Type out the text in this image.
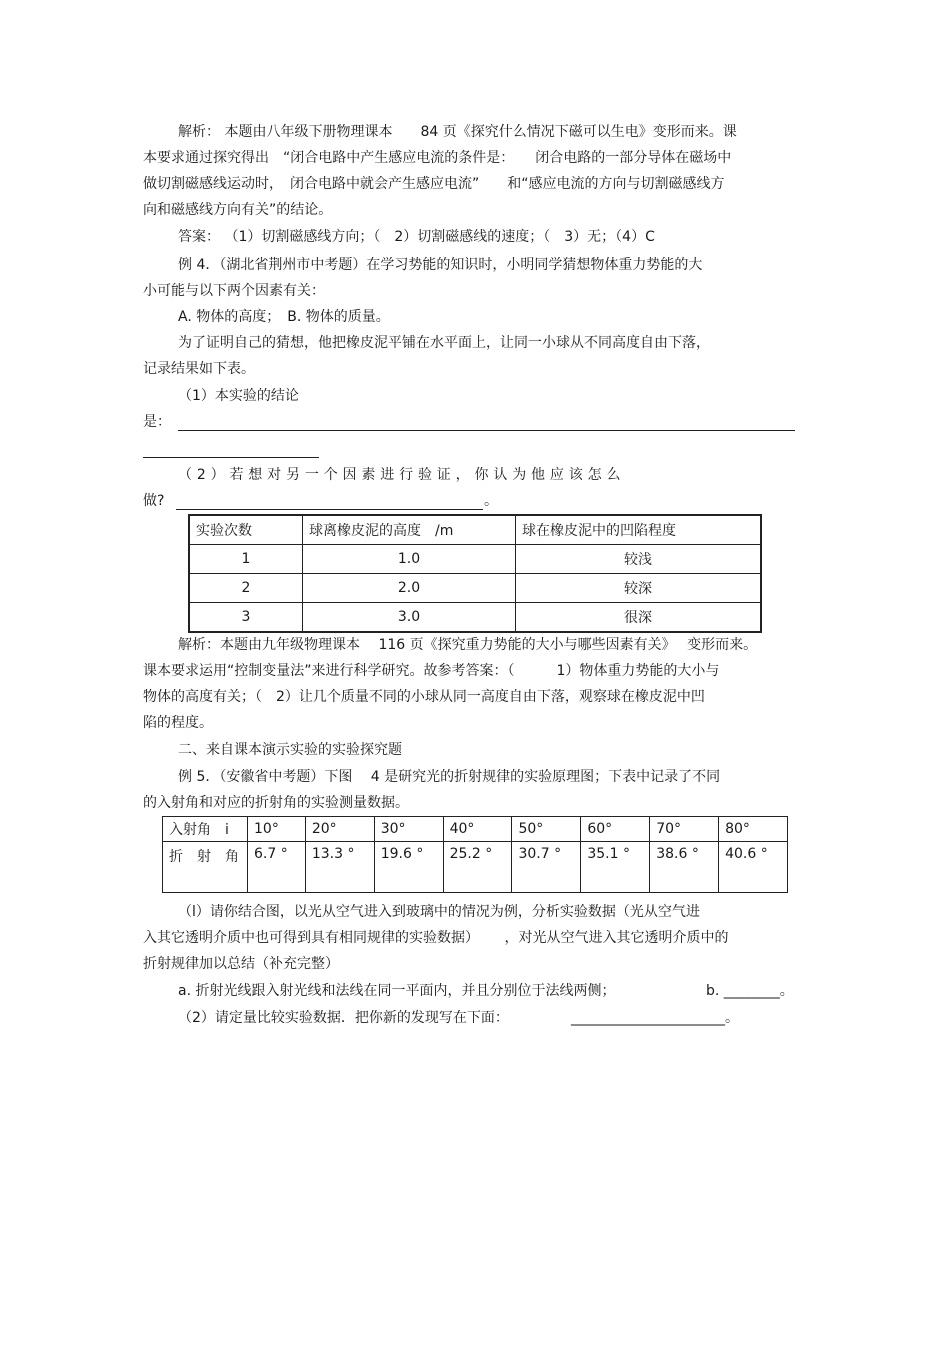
解析： 本题由八年级下册物理课本　　84 页《探究什么情况下磁可以生电》变形而来。课
本要求通过探究得出　“闭合电路中产生感应电流的条件是：　　闭合电路的一部分导体在磁场中
做切割磁感线运动时，　闭合电路中就会产生感应电流”　　和“感应电流的方向与切割磁感线方
向和磁感线方向有关”的结论。
答案： （1）切割磁感线方向；（　2）切割磁感线的速度；（　3）无；（4）C
例 4．（湖北省荆州市中考题）在学习势能的知识时，小明同学猜想物体重力势能的大
小可能与以下两个因素有关：
A. 物体的高度；　B. 物体的质量。
为了证明自己的猜想，他把橡皮泥平铺在水平面上，让同一小球从不同高度自由下落，
记录结果如下表。
（1）本实验的结论
是：
（ 2 ） 若 想 对 另 一 个 因 素 进 行 验 证 ， 你 认 为 他 应 该 怎 么
做?	。
实验次数	球离橡皮泥的高度　/m	球在橡皮泥中的凹陷程度
1	1.0	较浅
2	2.0	较深
3	3.0	很深
解析：本题由九年级物理课本　 116 页《探究重力势能的大小与哪些因素有关》　 变形而来。
课本要求运用“控制变量法”来进行科学研究。故参考答案：（　　　1）物体重力势能的大小与
物体的高度有关；（　2）让几个质量不同的小球从同一高度自由下落，观察球在橡皮泥中凹
陷的程度。
二、来自课本演示实验的实验探究题
例 5．（安徽省中考题）下图　 4 是研究光的折射规律的实验原理图；下表中记录了不同
的入射角和对应的折射角的实验测量数据。
入射角　i	10°	20°	30°	40°	50°	60°	70°	80°
折　射　角	6.7 °	13.3 °	19.6 °	25.2 °	30.7 °	35.1 °	38.6 °	40.6 °
（l）请你结合图，以光从空气进入到玻璃中的情况为例，分析实验数据（光从空气进
入其它透明介质中也可得到具有相同规律的实验数据）　　 ，对光从空气进入其它透明介质中的
折射规律加以总结（补充完整）
a. 折射光线跟入射光线和法线在同一平面内，并且分别位于法线两侧；	b. ________。
（2）请定量比较实验数据．把你新的发现写在下面：	______________________。
